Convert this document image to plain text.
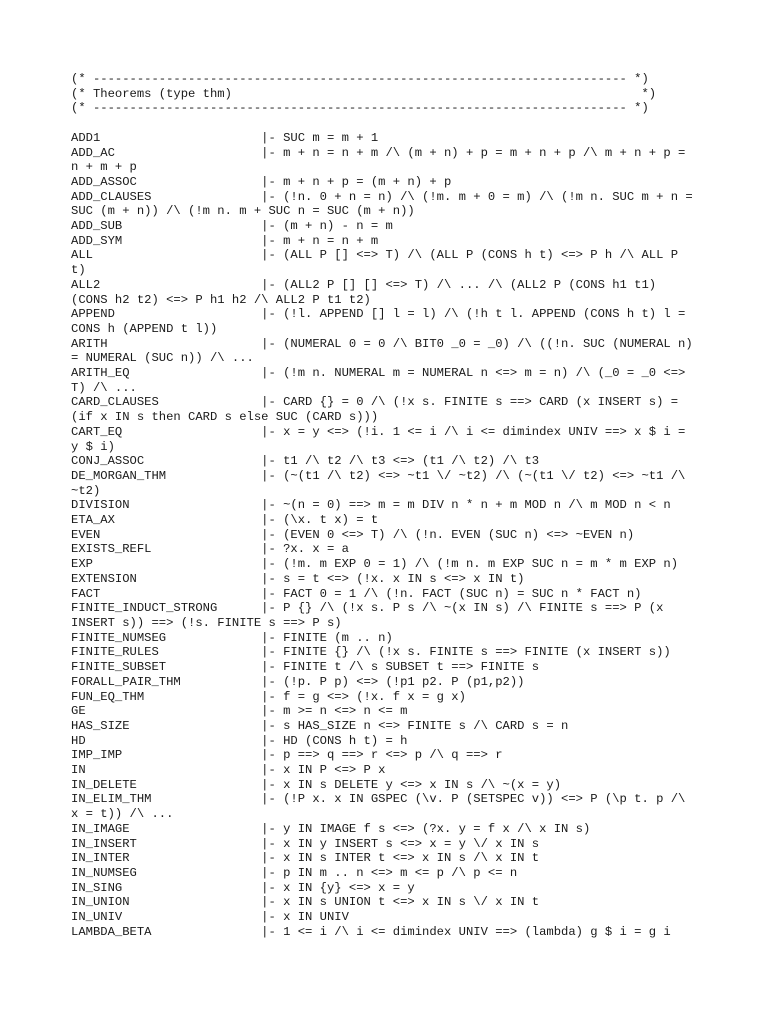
(* ------------------------------------------------------------------------- *)
(* Theorems (type thm)                                                        *)
(* ------------------------------------------------------------------------- *)
ADD1                      |- SUC m = m + 1
ADD_AC                    |- m + n = n + m /\ (m + n) + p = m + n + p /\ m + n + p =
n + m + p
ADD_ASSOC                 |- m + n + p = (m + n) + p
ADD_CLAUSES               |- (!n. 0 + n = n) /\ (!m. m + 0 = m) /\ (!m n. SUC m + n =
SUC (m + n)) /\ (!m n. m + SUC n = SUC (m + n))
ADD_SUB                   |- (m + n) - n = m
ADD_SYM                   |- m + n = n + m
ALL                       |- (ALL P [] <=> T) /\ (ALL P (CONS h t) <=> P h /\ ALL P
t)
ALL2                      |- (ALL2 P [] [] <=> T) /\ ... /\ (ALL2 P (CONS h1 t1)
(CONS h2 t2) <=> P h1 h2 /\ ALL2 P t1 t2)
APPEND                    |- (!l. APPEND [] l = l) /\ (!h t l. APPEND (CONS h t) l =
CONS h (APPEND t l))
ARITH                     |- (NUMERAL 0 = 0 /\ BIT0 _0 = _0) /\ ((!n. SUC (NUMERAL n)
= NUMERAL (SUC n)) /\ ...
ARITH_EQ                  |- (!m n. NUMERAL m = NUMERAL n <=> m = n) /\ (_0 = _0 <=>
T) /\ ...
CARD_CLAUSES              |- CARD {} = 0 /\ (!x s. FINITE s ==> CARD (x INSERT s) =
(if x IN s then CARD s else SUC (CARD s)))
CART_EQ                   |- x = y <=> (!i. 1 <= i /\ i <= dimindex UNIV ==> x $ i =
y $ i)
CONJ_ASSOC                |- t1 /\ t2 /\ t3 <=> (t1 /\ t2) /\ t3
DE_MORGAN_THM             |- (~(t1 /\ t2) <=> ~t1 \/ ~t2) /\ (~(t1 \/ t2) <=> ~t1 /\
~t2)
DIVISION                  |- ~(n = 0) ==> m = m DIV n * n + m MOD n /\ m MOD n < n
ETA_AX                    |- (\x. t x) = t
EVEN                      |- (EVEN 0 <=> T) /\ (!n. EVEN (SUC n) <=> ~EVEN n)
EXISTS_REFL               |- ?x. x = a
EXP                       |- (!m. m EXP 0 = 1) /\ (!m n. m EXP SUC n = m * m EXP n)
EXTENSION                 |- s = t <=> (!x. x IN s <=> x IN t)
FACT                      |- FACT 0 = 1 /\ (!n. FACT (SUC n) = SUC n * FACT n)
FINITE_INDUCT_STRONG      |- P {} /\ (!x s. P s /\ ~(x IN s) /\ FINITE s ==> P (x
INSERT s)) ==> (!s. FINITE s ==> P s)
FINITE_NUMSEG             |- FINITE (m .. n)
FINITE_RULES              |- FINITE {} /\ (!x s. FINITE s ==> FINITE (x INSERT s))
FINITE_SUBSET             |- FINITE t /\ s SUBSET t ==> FINITE s
FORALL_PAIR_THM           |- (!p. P p) <=> (!p1 p2. P (p1,p2))
FUN_EQ_THM                |- f = g <=> (!x. f x = g x)
GE                        |- m >= n <=> n <= m
HAS_SIZE                  |- s HAS_SIZE n <=> FINITE s /\ CARD s = n
HD                        |- HD (CONS h t) = h
IMP_IMP                   |- p ==> q ==> r <=> p /\ q ==> r
IN                        |- x IN P <=> P x
IN_DELETE                 |- x IN s DELETE y <=> x IN s /\ ~(x = y)
IN_ELIM_THM               |- (!P x. x IN GSPEC (\v. P (SETSPEC v)) <=> P (\p t. p /\
x = t)) /\ ...
IN_IMAGE                  |- y IN IMAGE f s <=> (?x. y = f x /\ x IN s)
IN_INSERT                 |- x IN y INSERT s <=> x = y \/ x IN s
IN_INTER                  |- x IN s INTER t <=> x IN s /\ x IN t
IN_NUMSEG                 |- p IN m .. n <=> m <= p /\ p <= n
IN_SING                   |- x IN {y} <=> x = y
IN_UNION                  |- x IN s UNION t <=> x IN s \/ x IN t
IN_UNIV                   |- x IN UNIV
LAMBDA_BETA               |- 1 <= i /\ i <= dimindex UNIV ==> (lambda) g $ i = g i
